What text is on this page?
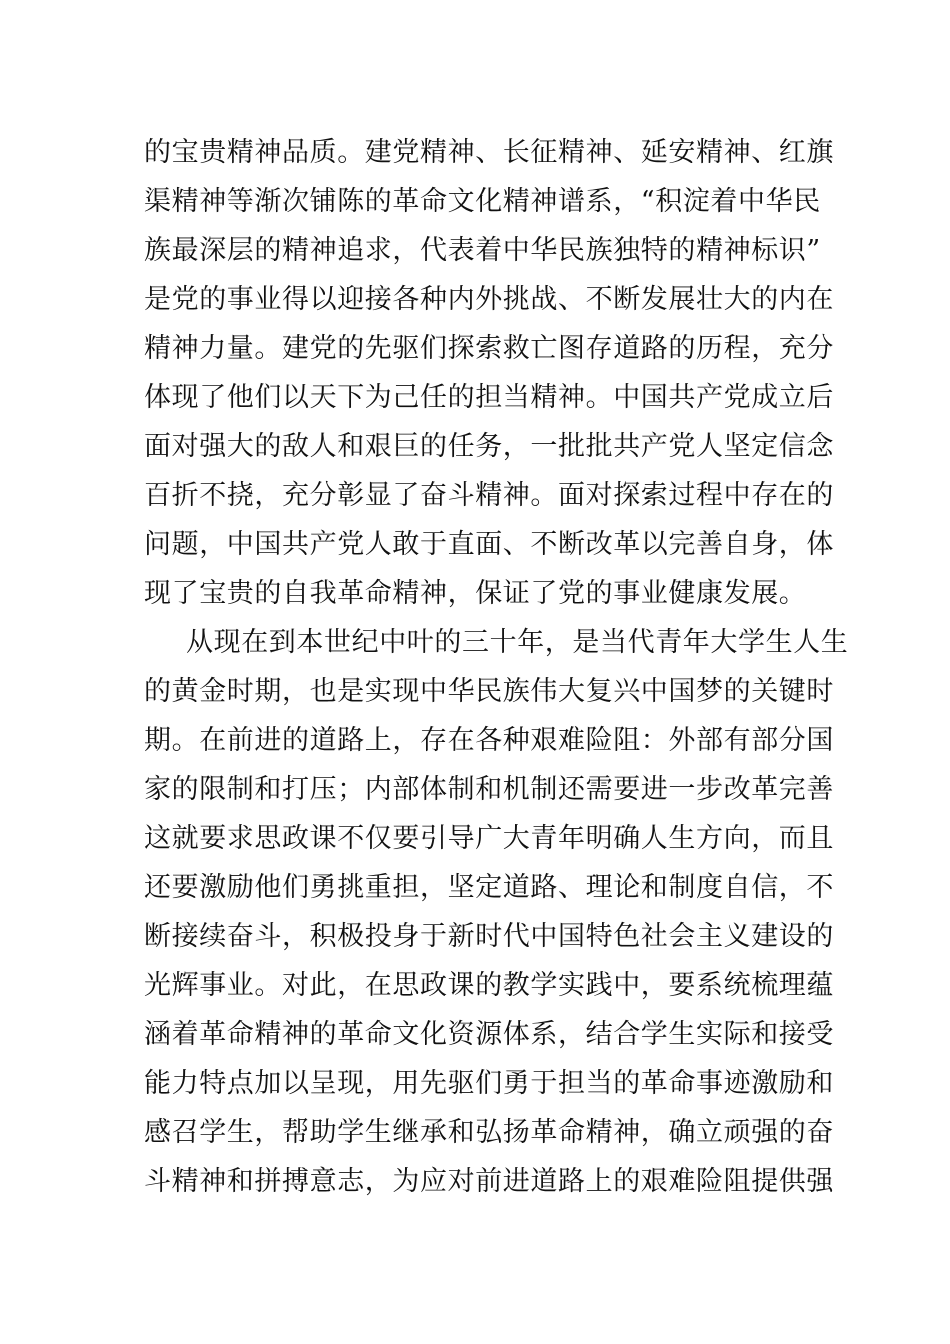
的宝贵精神品质。建党精神、长征精神、延安精神、红旗
渠精神等渐次铺陈的革命文化精神谱系，“积淀着中华民
族最深层的精神追求，代表着中华民族独特的精神标识”
是党的事业得以迎接各种内外挑战、不断发展壮大的内在
精神力量。建党的先驱们探索救亡图存道路的历程，充分
体现了他们以天下为己任的担当精神。中国共产党成立后
面对强大的敌人和艰巨的任务，一批批共产党人坚定信念
百折不挠，充分彰显了奋斗精神。面对探索过程中存在的
问题，中国共产党人敢于直面、不断改革以完善自身，体
现了宝贵的自我革命精神，保证了党的事业健康发展。
从现在到本世纪中叶的三十年，是当代青年大学生人生
的黄金时期，也是实现中华民族伟大复兴中国梦的关键时
期。在前进的道路上，存在各种艰难险阻：外部有部分国
家的限制和打压；内部体制和机制还需要进一步改革完善
这就要求思政课不仅要引导广大青年明确人生方向，而且
还要激励他们勇挑重担，坚定道路、理论和制度自信，不
断接续奋斗，积极投身于新时代中国特色社会主义建设的
光辉事业。对此，在思政课的教学实践中，要系统梳理蕴
涵着革命精神的革命文化资源体系，结合学生实际和接受
能力特点加以呈现，用先驱们勇于担当的革命事迹激励和
感召学生，帮助学生继承和弘扬革命精神，确立顽强的奋
斗精神和拼搏意志，为应对前进道路上的艰难险阻提供强
